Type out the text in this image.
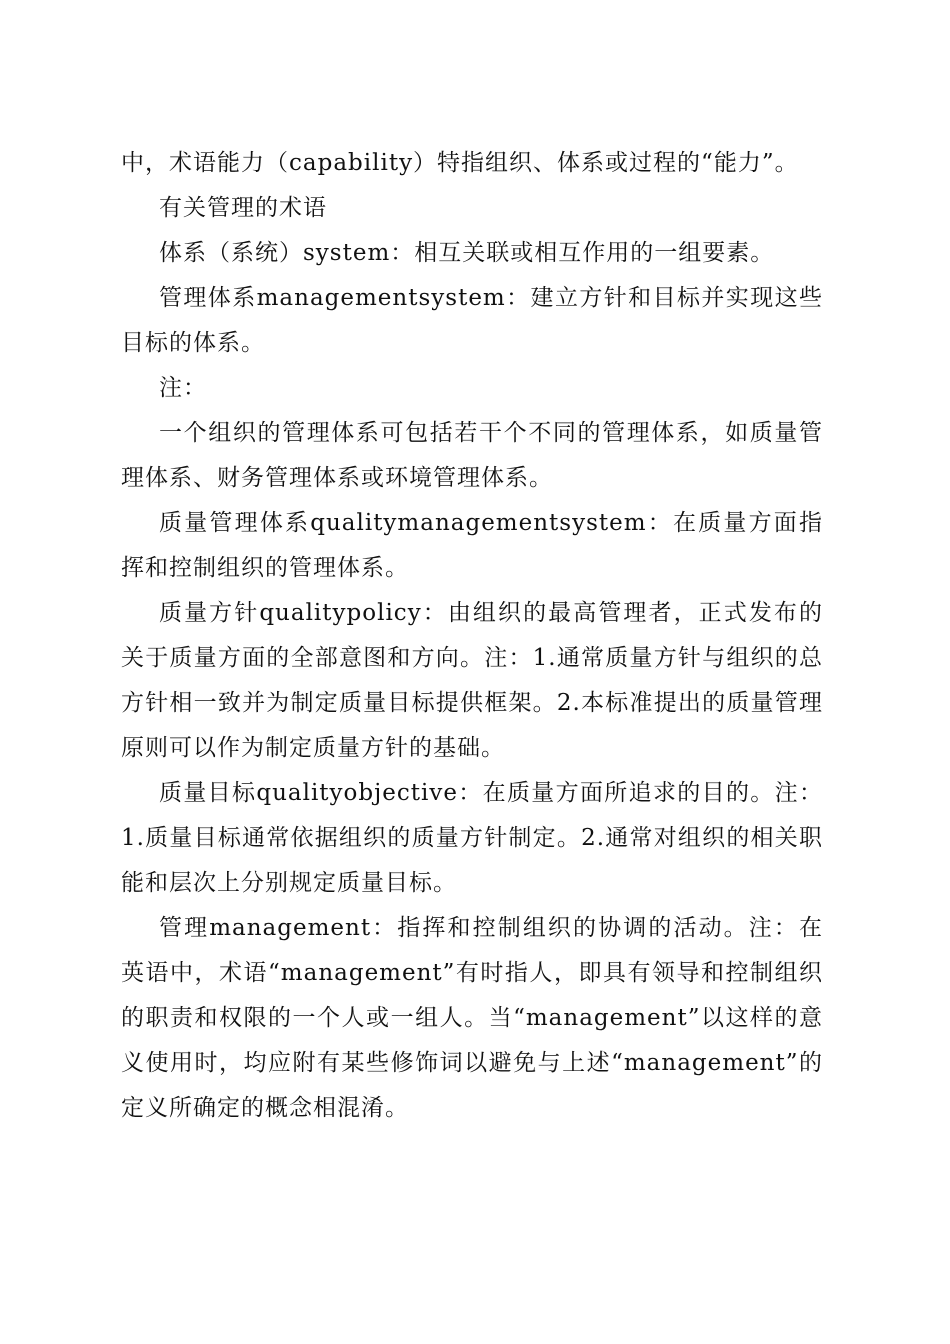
中，术语能力（capability）特指组织、体系或过程的“能力”。

有关管理的术语

体系（系统）system：相互关联或相互作用的一组要素。

管理体系managementsystem：建立方针和目标并实现这些目标的体系。

注：

一个组织的管理体系可包括若干个不同的管理体系，如质量管理体系、财务管理体系或环境管理体系。

质量管理体系qualitymanagementsystem：在质量方面指挥和控制组织的管理体系。

质量方针qualitypolicy：由组织的最高管理者，正式发布的关于质量方面的全部意图和方向。注：1.通常质量方针与组织的总方针相一致并为制定质量目标提供框架。2.本标准提出的质量管理原则可以作为制定质量方针的基础。

质量目标qualityobjective：在质量方面所追求的目的。注：1.质量目标通常依据组织的质量方针制定。2.通常对组织的相关职能和层次上分别规定质量目标。

管理management：指挥和控制组织的协调的活动。注：在英语中，术语“management”有时指人，即具有领导和控制组织的职责和权限的一个人或一组人。当“management”以这样的意义使用时，均应附有某些修饰词以避免与上述“management”的定义所确定的概念相混淆。
